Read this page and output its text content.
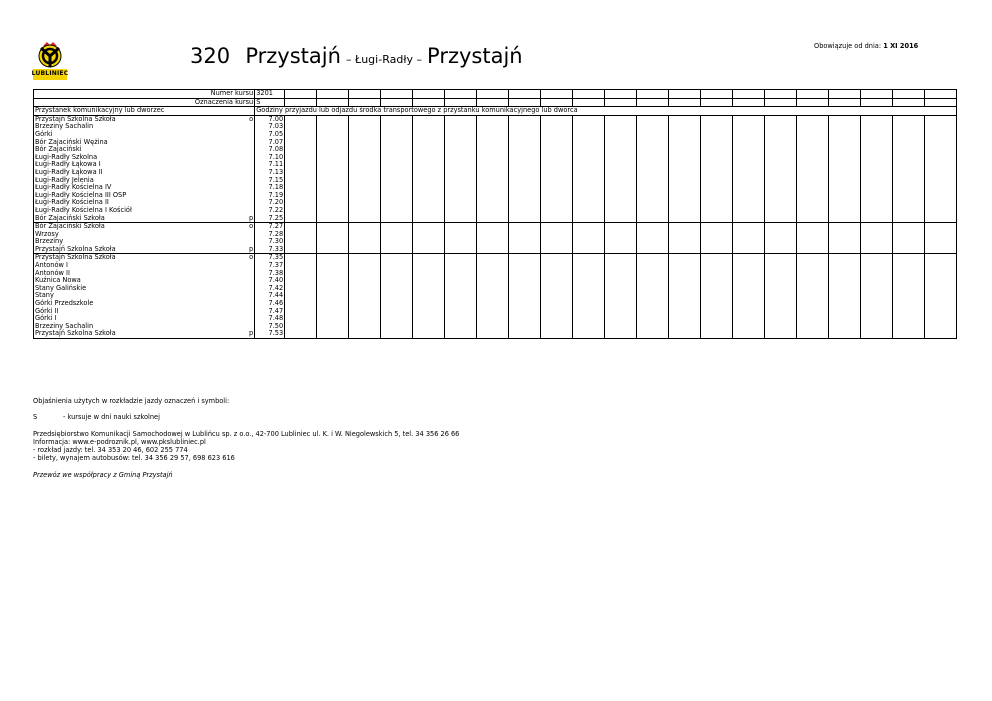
LUBLINIEC
320 Przystajń – Ługi-Radły – Przystajń	Obowiązuje od dnia: 1 XI 2016
Numer kursu		3201																					
Oznaczenia kursu		S																					
Przystanek komunikacyjny lub dworzec		Godziny przyjazdu lub odjazdu środka transportowego z przystanku komunikacyjnego lub dworca																					
Przystajń Szkolna Szkoła	o	7.00																					
Brzeziny Sachalin		7.03																					
Górki		7.05																					
Bór Zajaciński Wężina		7.07																					
Bór Zajaciński		7.08																					
Ługi-Radły Szkolna		7.10																					
Ługi-Radły Łąkowa I		7.11																					
Ługi-Radły Łąkowa II		7.13																					
Ługi-Radły Jelenia		7.15																					
Ługi-Radły Kościelna IV		7.18																					
Ługi-Radły Kościelna III OSP		7.19																					
Ługi-Radły Kościelna II		7.20																					
Ługi-Radły Kościelna I Kościół		7.22																					
Bór Zajaciński Szkoła	p	7.25																					
Bór Zajaciński Szkoła	o	7.27																					
Wrzosy		7.28																					
Brzeziny		7.30																					
Przystajń Szkolna Szkoła	p	7.33																					
Przystajń Szkolna Szkoła	o	7.35																					
Antonów I		7.37																					
Antonów II		7.38																					
Kuźnica Nowa		7.40																					
Stany Galińskie		7.42																					
Stany		7.44																					
Górki Przedszkole		7.46																					
Górki II		7.47																					
Górki I		7.48																					
Brzeziny Sachalin		7.50																					
Przystajń Szkolna Szkoła	p	7.53																					

Objaśnienia użytych w rozkładzie jazdy oznaczeń i symboli:

S	- kursuje w dni nauki szkolnej

Przedsiębiorstwo Komunikacji Samochodowej w Lublińcu sp. z o.o., 42-700 Lubliniec ul. K. i W. Niegolewskich 5, tel. 34 356 26 66

Informacja: www.e-podroznik.pl, www.pkslubliniec.pl

- rozkład jazdy: tel. 34 353 20 46, 602 255 774

- bilety, wynajem autobusów: tel. 34 356 29 57, 698 623 616

Przewóz we współpracy z Gminą Przystajń
